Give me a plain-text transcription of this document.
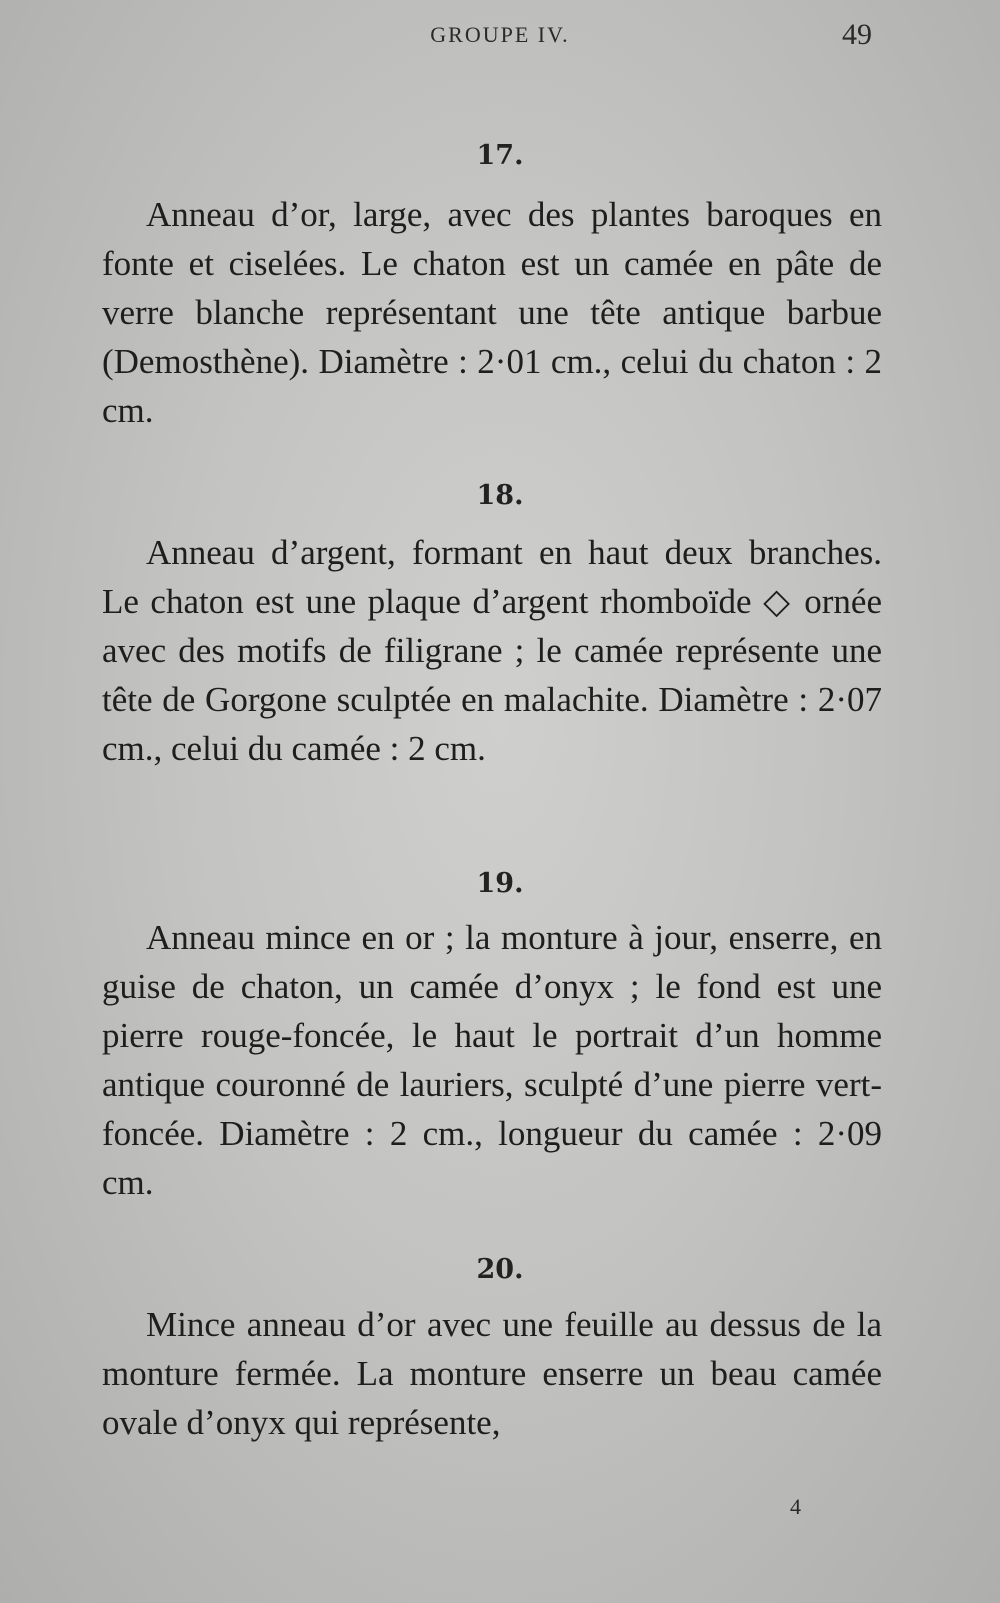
GROUPE IV.	49
17.

Anneau d’or, large, avec des plantes baroques en fonte et ciselées. Le chaton est un camée en pâte de verre blanche représentant une tête antique barbue (Demosthène). Diamètre : 2·01 cm., celui du chaton : 2 cm.

18.

Anneau d’argent, formant en haut deux branches. Le chaton est une plaque d’argent rhomboïde ◇ ornée avec des motifs de filigrane ; le camée représente une tête de Gorgone sculptée en malachite. Diamètre : 2·07 cm., celui du camée : 2 cm.

19.

Anneau mince en or ; la monture à jour, enserre, en guise de chaton, un camée d’onyx ; le fond est une pierre rouge-foncée, le haut le portrait d’un homme antique couronné de lauriers, sculpté d’une pierre vert-foncée. Diamètre : 2 cm., longueur du camée : 2·09 cm.

20.

Mince anneau d’or avec une feuille au dessus de la monture fermée. La monture enserre un beau camée ovale d’onyx qui représente,

4
